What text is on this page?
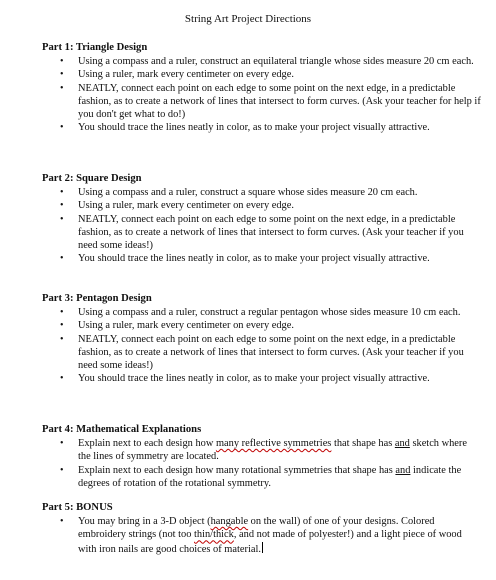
String Art Project Directions
Part 1: Triangle Design
• Using a compass and a ruler, construct an equilateral triangle whose sides measure 20 cm each.
• Using a ruler, mark every centimeter on every edge.
• NEATLY, connect each point on each edge to some point on the next edge, in a predictable fashion, as to create a network of lines that intersect to form curves. (Ask your teacher for help if you don't get what to do!)
• You should trace the lines neatly in color, as to make your project visually attractive.
Part 2: Square Design
• Using a compass and a ruler, construct a square whose sides measure 20 cm each.
• Using a ruler, mark every centimeter on every edge.
• NEATLY, connect each point on each edge to some point on the next edge, in a predictable fashion, as to create a network of lines that intersect to form curves. (Ask your teacher if you need some ideas!)
• You should trace the lines neatly in color, as to make your project visually attractive.
Part 3: Pentagon Design
• Using a compass and a ruler, construct a regular pentagon whose sides measure 10 cm each.
• Using a ruler, mark every centimeter on every edge.
• NEATLY, connect each point on each edge to some point on the next edge, in a predictable fashion, as to create a network of lines that intersect to form curves. (Ask your teacher if you need some ideas!)
• You should trace the lines neatly in color, as to make your project visually attractive.
Part 4: Mathematical Explanations
• Explain next to each design how many reflective symmetries that shape has and sketch where the lines of symmetry are located.
• Explain next to each design how many rotational symmetries that shape has and indicate the degrees of rotation of the rotational symmetry.
Part 5: BONUS
• You may bring in a 3-D object (hangable on the wall) of one of your designs. Colored embroidery strings (not too thin/thick, and not made of polyester!) and a light piece of wood with iron nails are good choices of material.
